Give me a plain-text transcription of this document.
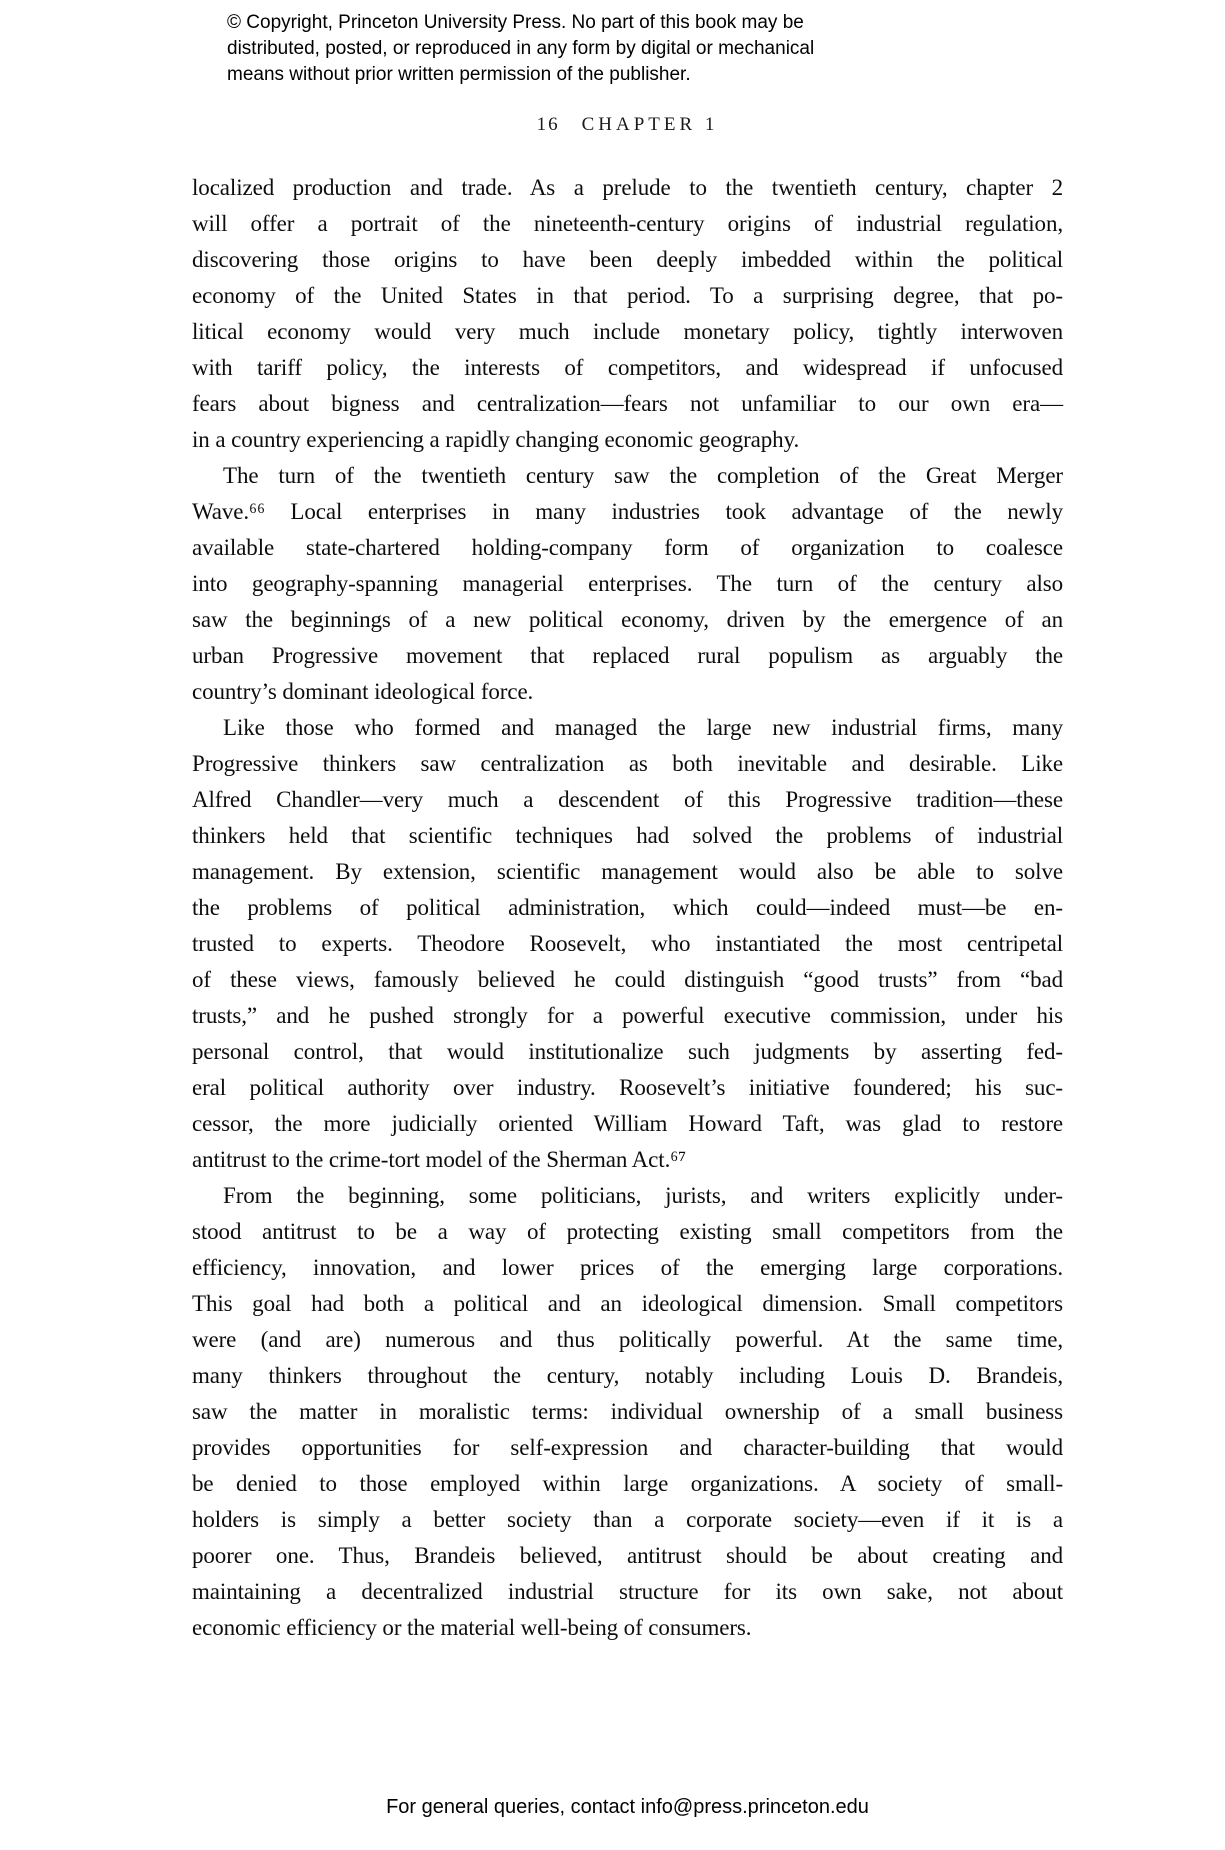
© Copyright, Princeton University Press. No part of this book may be
distributed, posted, or reproduced in any form by digital or mechanical
means without prior written permission of the publisher.
16 CHAPTER 1
localized production and trade. As a prelude to the twentieth century, chapter 2
will offer a portrait of the nineteenth-century origins of industrial regulation,
discovering those origins to have been deeply imbedded within the political
economy of the United States in that period. To a surprising degree, that po-
litical economy would very much include monetary policy, tightly interwoven
with tariff policy, the interests of competitors, and widespread if unfocused
fears about bigness and centralization—fears not unfamiliar to our own era—
in a country experiencing a rapidly changing economic geography.
The turn of the twentieth century saw the completion of the Great Merger
Wave.⁶⁶ Local enterprises in many industries took advantage of the newly
available state-chartered holding-company form of organization to coalesce
into geography-spanning managerial enterprises. The turn of the century also
saw the beginnings of a new political economy, driven by the emergence of an
urban Progressive movement that replaced rural populism as arguably the
country’s dominant ideological force.
Like those who formed and managed the large new industrial firms, many
Progressive thinkers saw centralization as both inevitable and desirable. Like
Alfred Chandler—very much a descendent of this Progressive tradition—these
thinkers held that scientific techniques had solved the problems of industrial
management. By extension, scientific management would also be able to solve
the problems of political administration, which could—indeed must—be en-
trusted to experts. Theodore Roosevelt, who instantiated the most centripetal
of these views, famously believed he could distinguish “good trusts” from “bad
trusts,” and he pushed strongly for a powerful executive commission, under his
personal control, that would institutionalize such judgments by asserting fed-
eral political authority over industry. Roosevelt’s initiative foundered; his suc-
cessor, the more judicially oriented William Howard Taft, was glad to restore
antitrust to the crime-tort model of the Sherman Act.⁶⁷
From the beginning, some politicians, jurists, and writers explicitly under-
stood antitrust to be a way of protecting existing small competitors from the
efficiency, innovation, and lower prices of the emerging large corporations.
This goal had both a political and an ideological dimension. Small competitors
were (and are) numerous and thus politically powerful. At the same time,
many thinkers throughout the century, notably including Louis D. Brandeis,
saw the matter in moralistic terms: individual ownership of a small business
provides opportunities for self-expression and character-building that would
be denied to those employed within large organizations. A society of small-
holders is simply a better society than a corporate society—even if it is a
poorer one. Thus, Brandeis believed, antitrust should be about creating and
maintaining a decentralized industrial structure for its own sake, not about
economic efficiency or the material well-being of consumers.
For general queries, contact info@press.princeton.edu
